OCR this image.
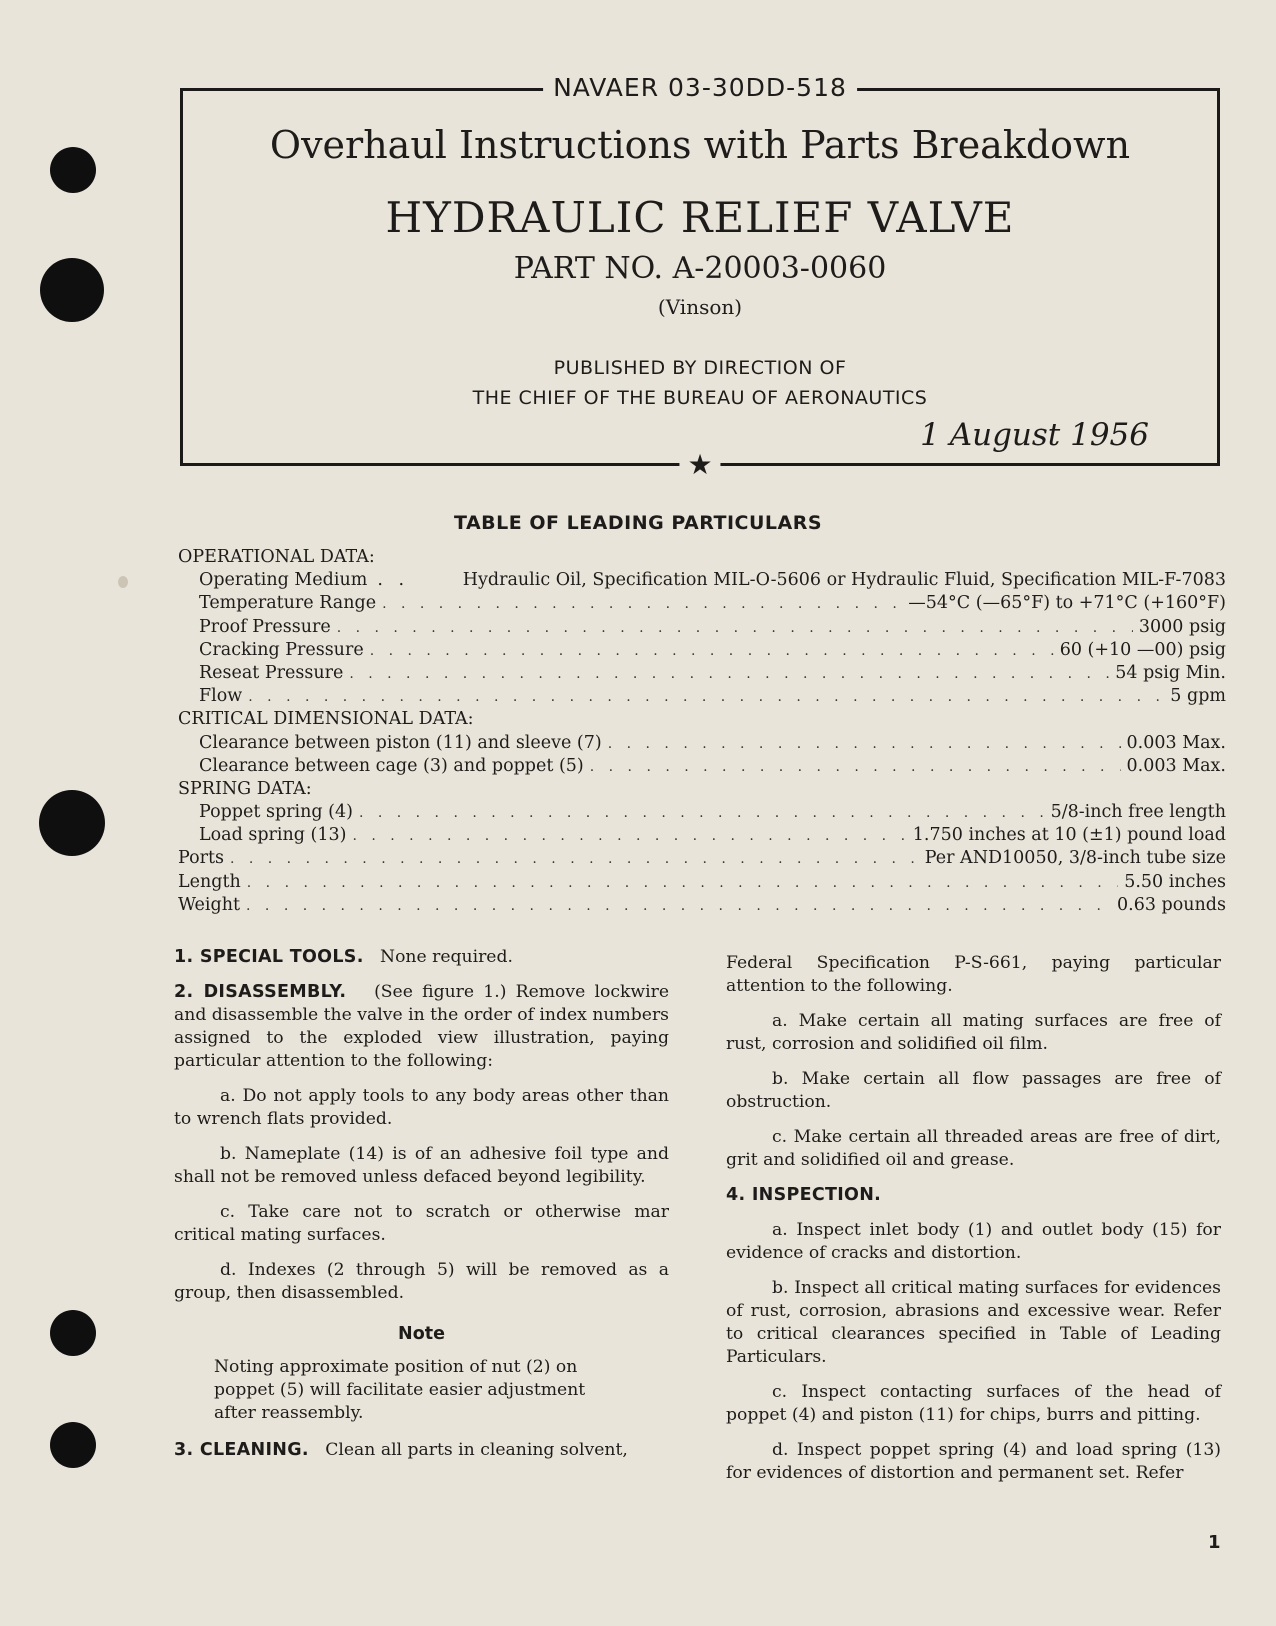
NAVAER 03-30DD-518
Overhaul Instructions with Parts Breakdown
HYDRAULIC RELIEF VALVE
PART NO. A-20003-0060
(Vinson)
PUBLISHED BY DIRECTION OF
THE CHIEF OF THE BUREAU OF AERONAUTICS
1 August 1956
★
TABLE OF LEADING PARTICULARS
OPERATIONAL DATA:
Operating Medium . .	Hydraulic Oil, Specification MIL-O-5606 or Hydraulic Fluid, Specification MIL-F-7083
Temperature Range . . .	—54°C (—65°F) to +71°C (+160°F)
Proof Pressure . . .	3000 psig
Cracking Pressure . . .	60 (+10 —00) psig
Reseat Pressure . . .	54 psig Min.
Flow . . .	5 gpm
CRITICAL DIMENSIONAL DATA:
Clearance between piston (11) and sleeve (7) . . .	0.003 Max.
Clearance between cage (3) and poppet (5) . . .	0.003 Max.
SPRING DATA:
Poppet spring (4) . . .	5/8-inch free length
Load spring (13) . . .	1.750 inches at 10 (±1) pound load
Ports . . .	Per AND10050, 3/8-inch tube size
Length . . .	5.50 inches
Weight . . .	0.63 pounds

1. SPECIAL TOOLS. None required.

2. DISASSEMBLY. (See figure 1.) Remove lockwire and disassemble the valve in the order of index numbers assigned to the exploded view illustration, paying particular attention to the following:

a. Do not apply tools to any body areas other than to wrench flats provided.

b. Nameplate (14) is of an adhesive foil type and shall not be removed unless defaced beyond legibility.

c. Take care not to scratch or otherwise mar critical mating surfaces.

d. Indexes (2 through 5) will be removed as a group, then disassembled.

Note

Noting approximate position of nut (2) on poppet (5) will facilitate easier adjustment after reassembly.

3. CLEANING. Clean all parts in cleaning solvent,

Federal Specification P-S-661, paying particular attention to the following.

a. Make certain all mating surfaces are free of rust, corrosion and solidified oil film.

b. Make certain all flow passages are free of obstruction.

c. Make certain all threaded areas are free of dirt, grit and solidified oil and grease.

4. INSPECTION.

a. Inspect inlet body (1) and outlet body (15) for evidence of cracks and distortion.

b. Inspect all critical mating surfaces for evidences of rust, corrosion, abrasions and excessive wear. Refer to critical clearances specified in Table of Leading Particulars.

c. Inspect contacting surfaces of the head of poppet (4) and piston (11) for chips, burrs and pitting.

d. Inspect poppet spring (4) and load spring (13) for evidences of distortion and permanent set. Refer

1
